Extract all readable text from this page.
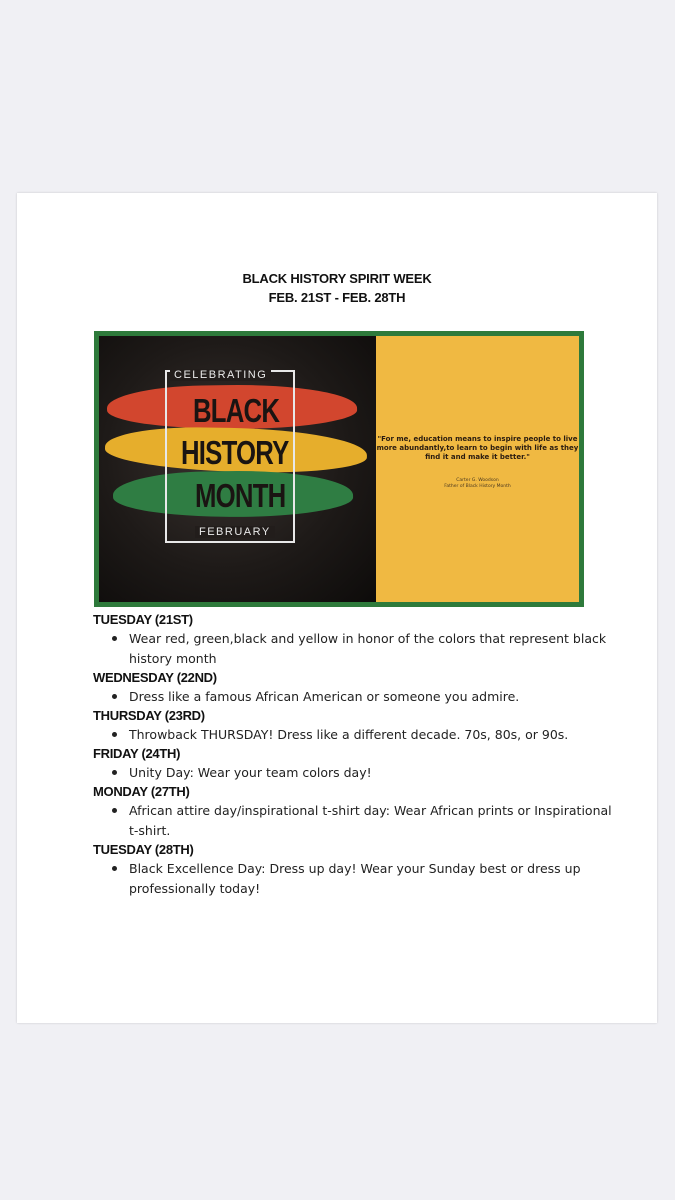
BLACK HISTORY SPIRIT WEEK
FEB. 21ST - FEB. 28TH
CELEBRATING
FEBRUARY
BLACK
HISTORY
MONTH
"For me, education means to inspire people to live more abundantly,to learn to begin with life as they find it and make it better."
Carter G. Woodson
Father of Black History Month
TUESDAY (21ST)
Wear red, green,black and yellow in honor of the colors that represent black history month
WEDNESDAY (22ND)
Dress like a famous African American or someone you admire.
THURSDAY (23RD)
Throwback THURSDAY! Dress like a different decade. 70s, 80s, or 90s.
FRIDAY (24TH)
Unity Day: Wear your team colors day!
MONDAY (27TH)
African attire day/inspirational t-shirt day: Wear African prints or Inspirational t-shirt.
TUESDAY (28TH)
Black Excellence Day: Dress up day! Wear your Sunday best or dress up professionally today!
